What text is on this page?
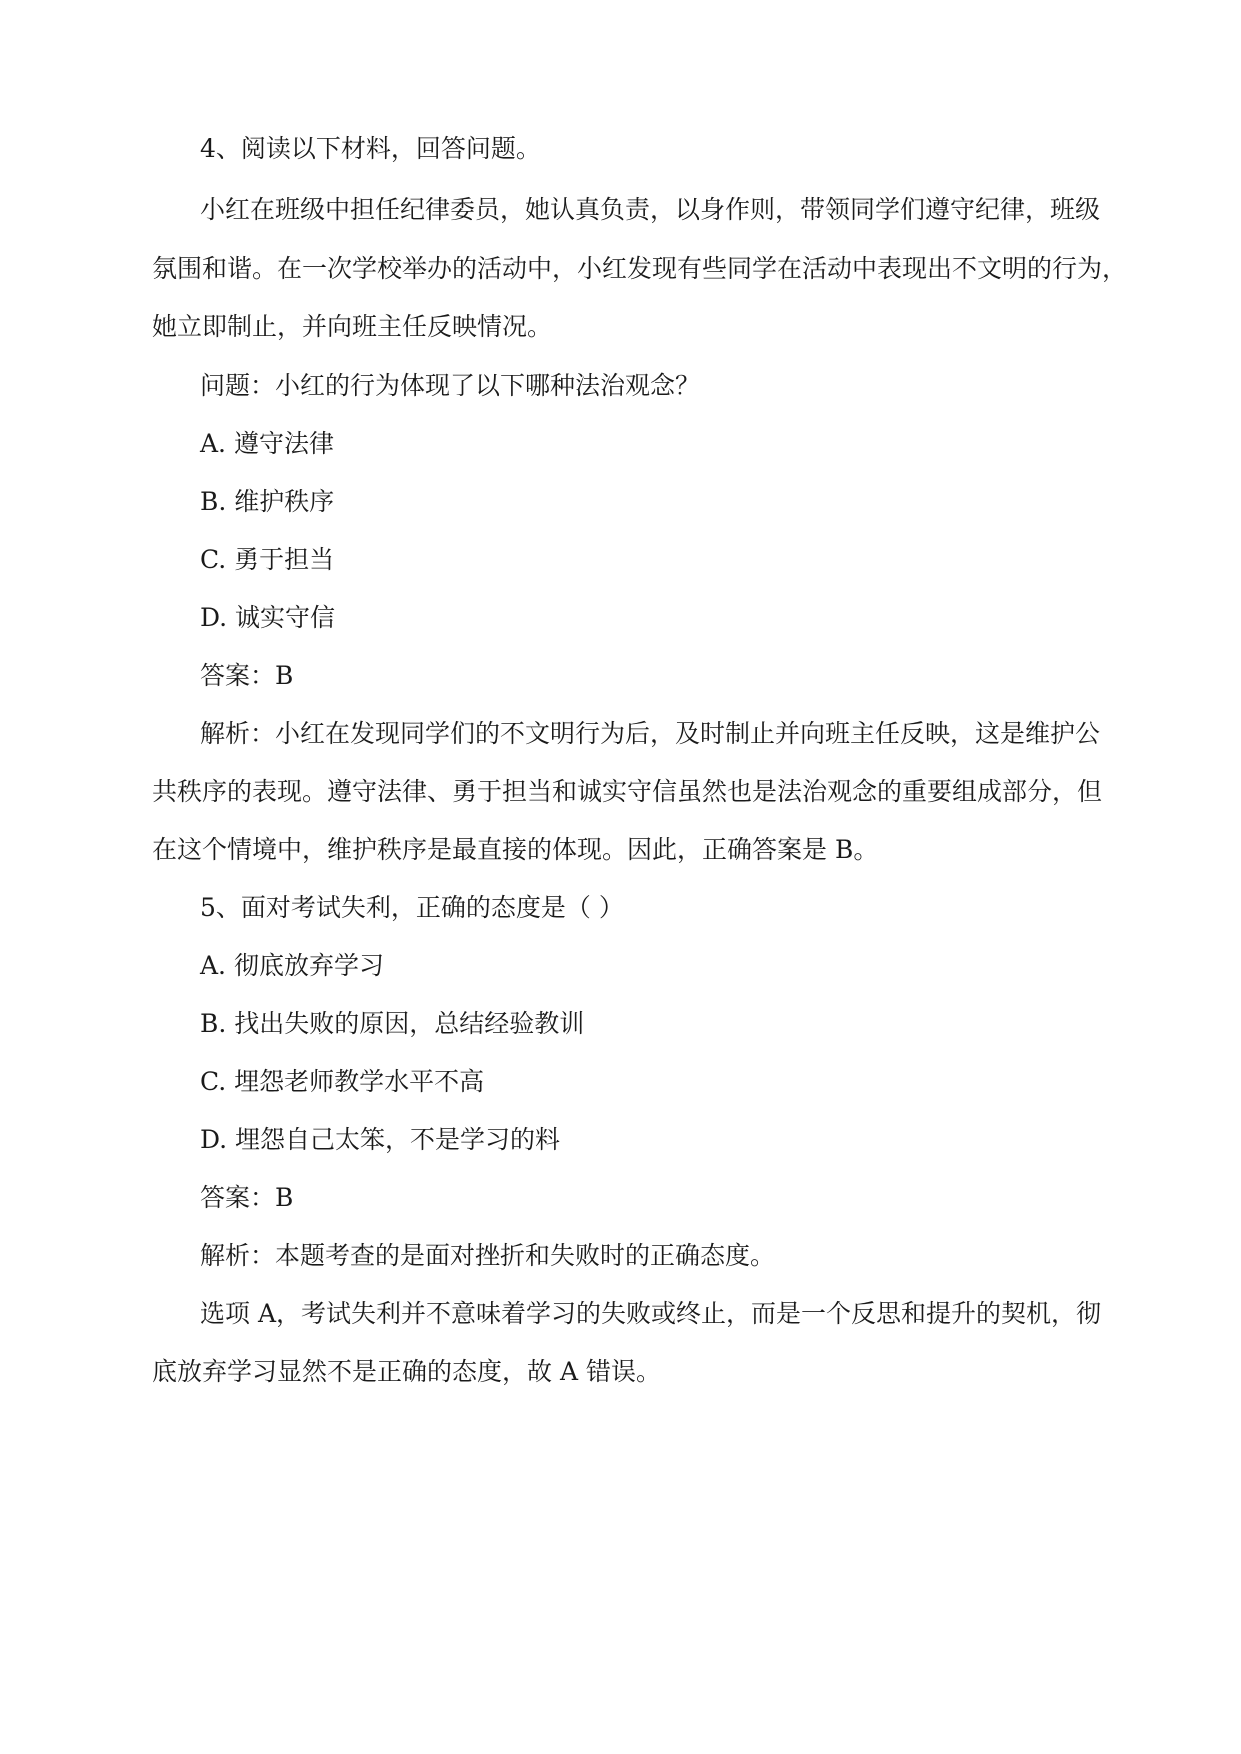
4、阅读以下材料，回答问题。
小红在班级中担任纪律委员，她认真负责，以身作则，带领同学们遵守纪律，班级
氛围和谐。在一次学校举办的活动中，小红发现有些同学在活动中表现出不文明的行为，
她立即制止，并向班主任反映情况。
问题：小红的行为体现了以下哪种法治观念？
A. 遵守法律
B. 维护秩序
C. 勇于担当
D. 诚实守信
答案：B
解析：小红在发现同学们的不文明行为后，及时制止并向班主任反映，这是维护公
共秩序的表现。遵守法律、勇于担当和诚实守信虽然也是法治观念的重要组成部分，但
在这个情境中，维护秩序是最直接的体现。因此，正确答案是 B。
5、面对考试失利，正确的态度是（ ）
A. 彻底放弃学习
B. 找出失败的原因，总结经验教训
C. 埋怨老师教学水平不高
D. 埋怨自己太笨，不是学习的料
答案：B
解析：本题考查的是面对挫折和失败时的正确态度。
选项 A，考试失利并不意味着学习的失败或终止，而是一个反思和提升的契机，彻
底放弃学习显然不是正确的态度，故 A 错误。
